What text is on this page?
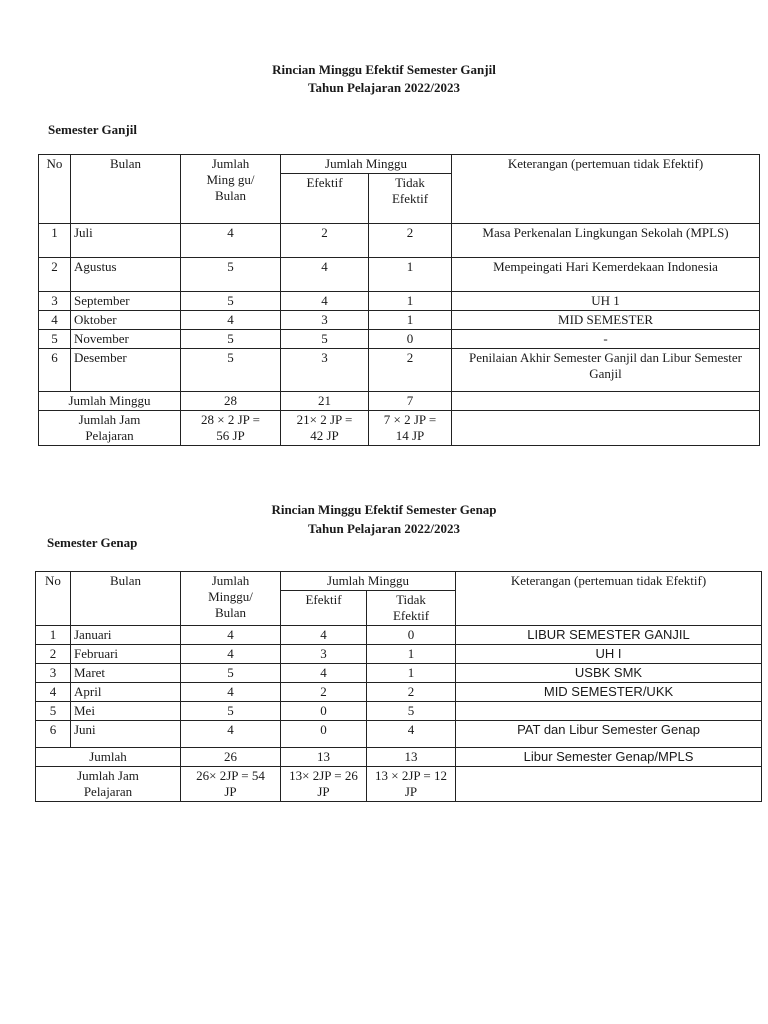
Rincian Minggu Efektif Semester Ganjil

Tahun Pelajaran 2022/2023

Semester Ganjil

No	Bulan	Jumlah Ming gu/ Bulan	Jumlah Minggu		Keterangan (pertemuan tidak Efektif)
			Efektif	Tidak Efektif	
1	Juli	4	2	2	Masa Perkenalan Lingkungan Sekolah (MPLS)
2	Agustus	5	4	1	Mempeingati Hari Kemerdekaan Indonesia
3	September	5	4	1	UH 1
4	Oktober	4	3	1	MID SEMESTER
5	November	5	5	0	-
6	Desember	5	3	2	Penilaian Akhir Semester Ganjil dan Libur Semester Ganjil
Jumlah Minggu		28	21	7	
Jumlah Jam Pelajaran		28 × 2 JP = 56 JP	21× 2 JP = 42 JP	7 × 2 JP = 14 JP	

Rincian Minggu Efektif Semester Genap

Tahun Pelajaran 2022/2023

Semester Genap

No	Bulan	Jumlah Minggu/ Bulan	Jumlah Minggu		Keterangan (pertemuan tidak Efektif)
			Efektif	Tidak Efektif	
1	Januari	4	4	0	LIBUR SEMESTER GANJIL
2	Februari	4	3	1	UH I
3	Maret	5	4	1	USBK SMK
4	April	4	2	2	MID SEMESTER/UKK
5	Mei	5	0	5	
6	Juni	4	0	4	PAT dan Libur Semester Genap
Jumlah		26	13	13	Libur Semester Genap/MPLS
Jumlah Jam Pelajaran		26× 2JP = 54 JP	13× 2JP = 26 JP	13 × 2JP = 12 JP	
